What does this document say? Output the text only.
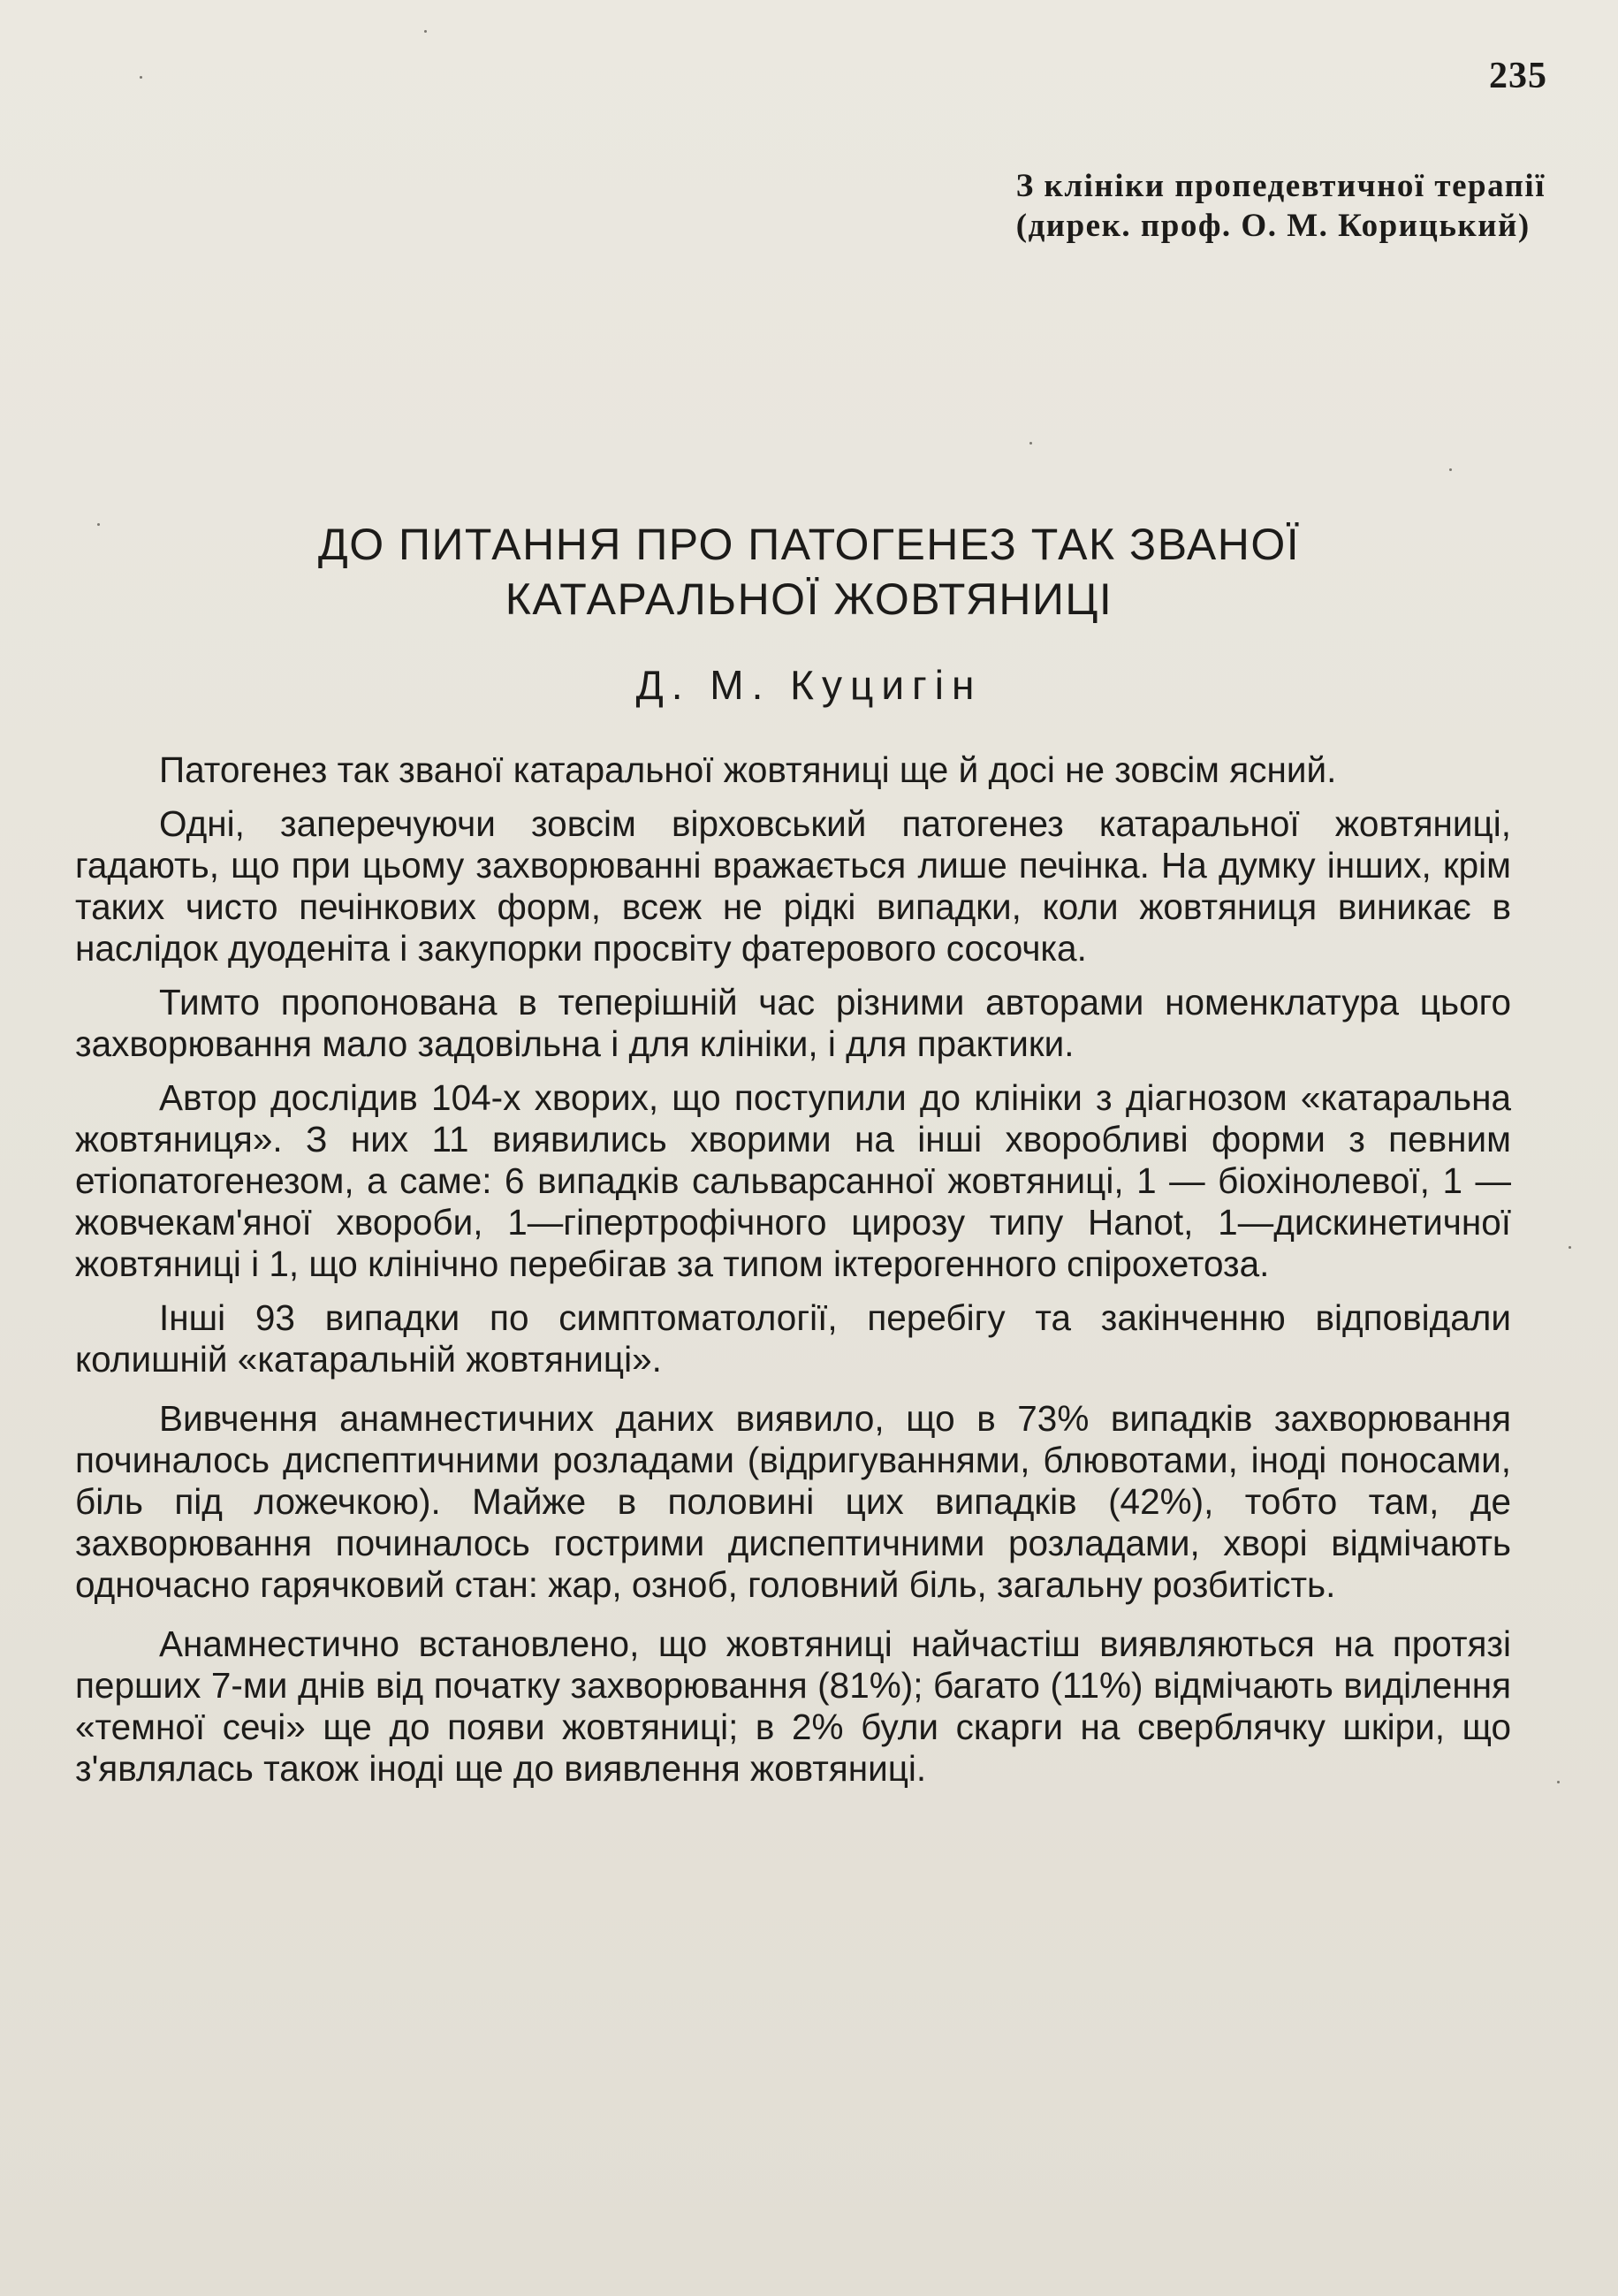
235
З клініки пропедевтичної терапії
(дирек. проф. О. М. Корицький)
ДО ПИТАННЯ ПРО ПАТОГЕНЕЗ ТАК ЗВАНОЇ
КАТАРАЛЬНОЇ ЖОВТЯНИЦІ
Д. М. Куцигін

Патогенез так званої катаральної жовтяниці ще й досі не зовсім ясний.

Одні, заперечуючи зовсім вірховський патогенез катаральної жовтяниці, гадають, що при цьому захворюванні вражається лише печінка. На думку інших, крім таких чисто печінкових форм, всеж не рідкі випадки, коли жовтяниця виникає в наслідок дуоденіта і закупорки просвіту фатерового сосочка.

Тимто пропонована в теперішній час різними авторами номенклатура цього захворювання мало задовільна і для клініки, і для практики.

Автор дослідив 104-х хворих, що поступили до клініки з діагнозом «катаральна жовтяниця». З них 11 виявились хворими на інші хворобливі форми з певним етіопатогенезом, а саме: 6 випадків сальварсанної жовтяниці, 1 — біохінолевої, 1 — жовчекам'яної хвороби, 1—гіпертрофічного цирозу типу Hanot, 1—дискинетичної жовтяниці і 1, що клінічно перебігав за типом іктерогенного спірохетоза.

Інші 93 випадки по симптоматології, перебігу та закінченню відповідали колишній «катаральній жовтяниці».

Вивчення анамнестичних даних виявило, що в 73% випадків захворювання починалось диспептичними розладами (відригуваннями, блювотами, іноді поносами, біль під ложечкою). Майже в половині цих випадків (42%), тобто там, де захворювання починалось гострими диспептичними розладами, хворі відмічають одночасно гарячковий стан: жар, озноб, головний біль, загальну розбитість.

Анамнестично встановлено, що жовтяниці найчастіш виявляються на протязі перших 7-ми днів від початку захворювання (81%); багато (11%) відмічають виділення «темної сечі» ще до появи жовтяниці; в 2% були скарги на сверблячку шкіри, що з'являлась також іноді ще до виявлення жовтяниці.
